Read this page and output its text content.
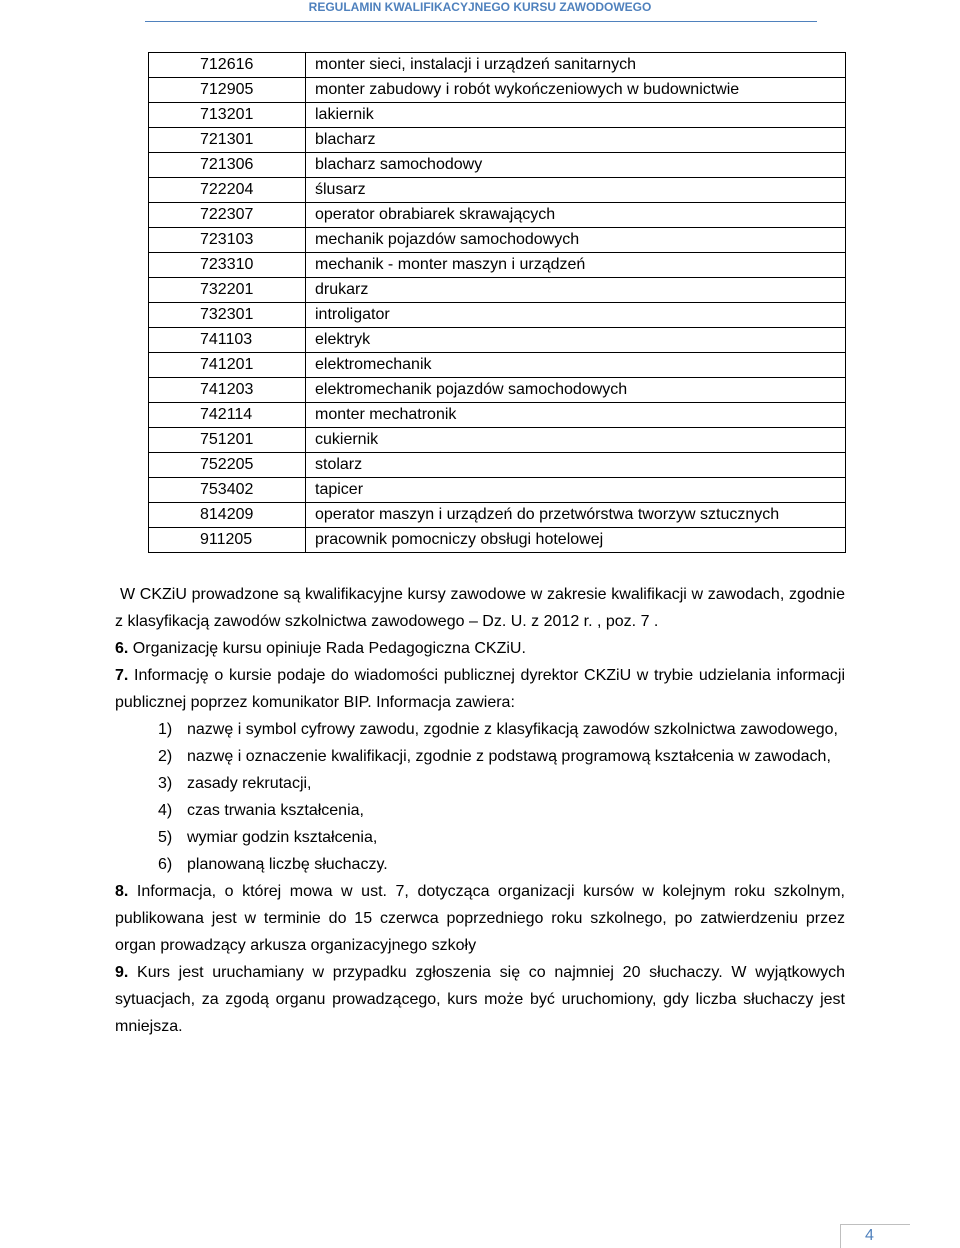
REGULAMIN KWALIFIKACYJNEGO KURSU ZAWODOWEGO
712616	monter sieci, instalacji i urządzeń sanitarnych
712905	monter zabudowy i robót wykończeniowych w budownictwie
713201	lakiernik
721301	blacharz
721306	blacharz samochodowy
722204	ślusarz
722307	operator obrabiarek skrawających
723103	mechanik pojazdów samochodowych
723310	mechanik - monter maszyn i urządzeń
732201	drukarz
732301	introligator
741103	elektryk
741201	elektromechanik
741203	elektromechanik pojazdów samochodowych
742114	monter mechatronik
751201	cukiernik
752205	stolarz
753402	tapicer
814209	operator maszyn i urządzeń do przetwórstwa tworzyw sztucznych
911205	pracownik pomocniczy obsługi hotelowej

W CKZiU prowadzone są kwalifikacyjne kursy zawodowe w zakresie kwalifikacji w zawodach, zgodnie z klasyfikacją zawodów szkolnictwa zawodowego – Dz. U. z 2012 r. , poz. 7 .

6. Organizację kursu opiniuje Rada Pedagogiczna CKZiU.

7. Informację o kursie podaje do wiadomości publicznej dyrektor CKZiU w trybie udzielania informacji publicznej poprzez komunikator BIP. Informacja zawiera:

1) nazwę i symbol cyfrowy zawodu, zgodnie z klasyfikacją zawodów szkolnictwa zawodowego,
2) nazwę i oznaczenie kwalifikacji, zgodnie z podstawą programową kształcenia w zawodach,
3) zasady rekrutacji,
4) czas trwania kształcenia,
5) wymiar godzin kształcenia,
6) planowaną liczbę słuchaczy.

8. Informacja, o której mowa w ust. 7, dotycząca organizacji kursów w kolejnym roku szkolnym, publikowana jest w terminie do 15 czerwca poprzedniego roku szkolnego, po zatwierdzeniu przez organ prowadzący arkusza organizacyjnego szkoły

9. Kurs jest uruchamiany w przypadku zgłoszenia się co najmniej 20 słuchaczy. W wyjątkowych sytuacjach, za zgodą organu prowadzącego, kurs może być uruchomiony, gdy liczba słuchaczy jest mniejsza.

4
